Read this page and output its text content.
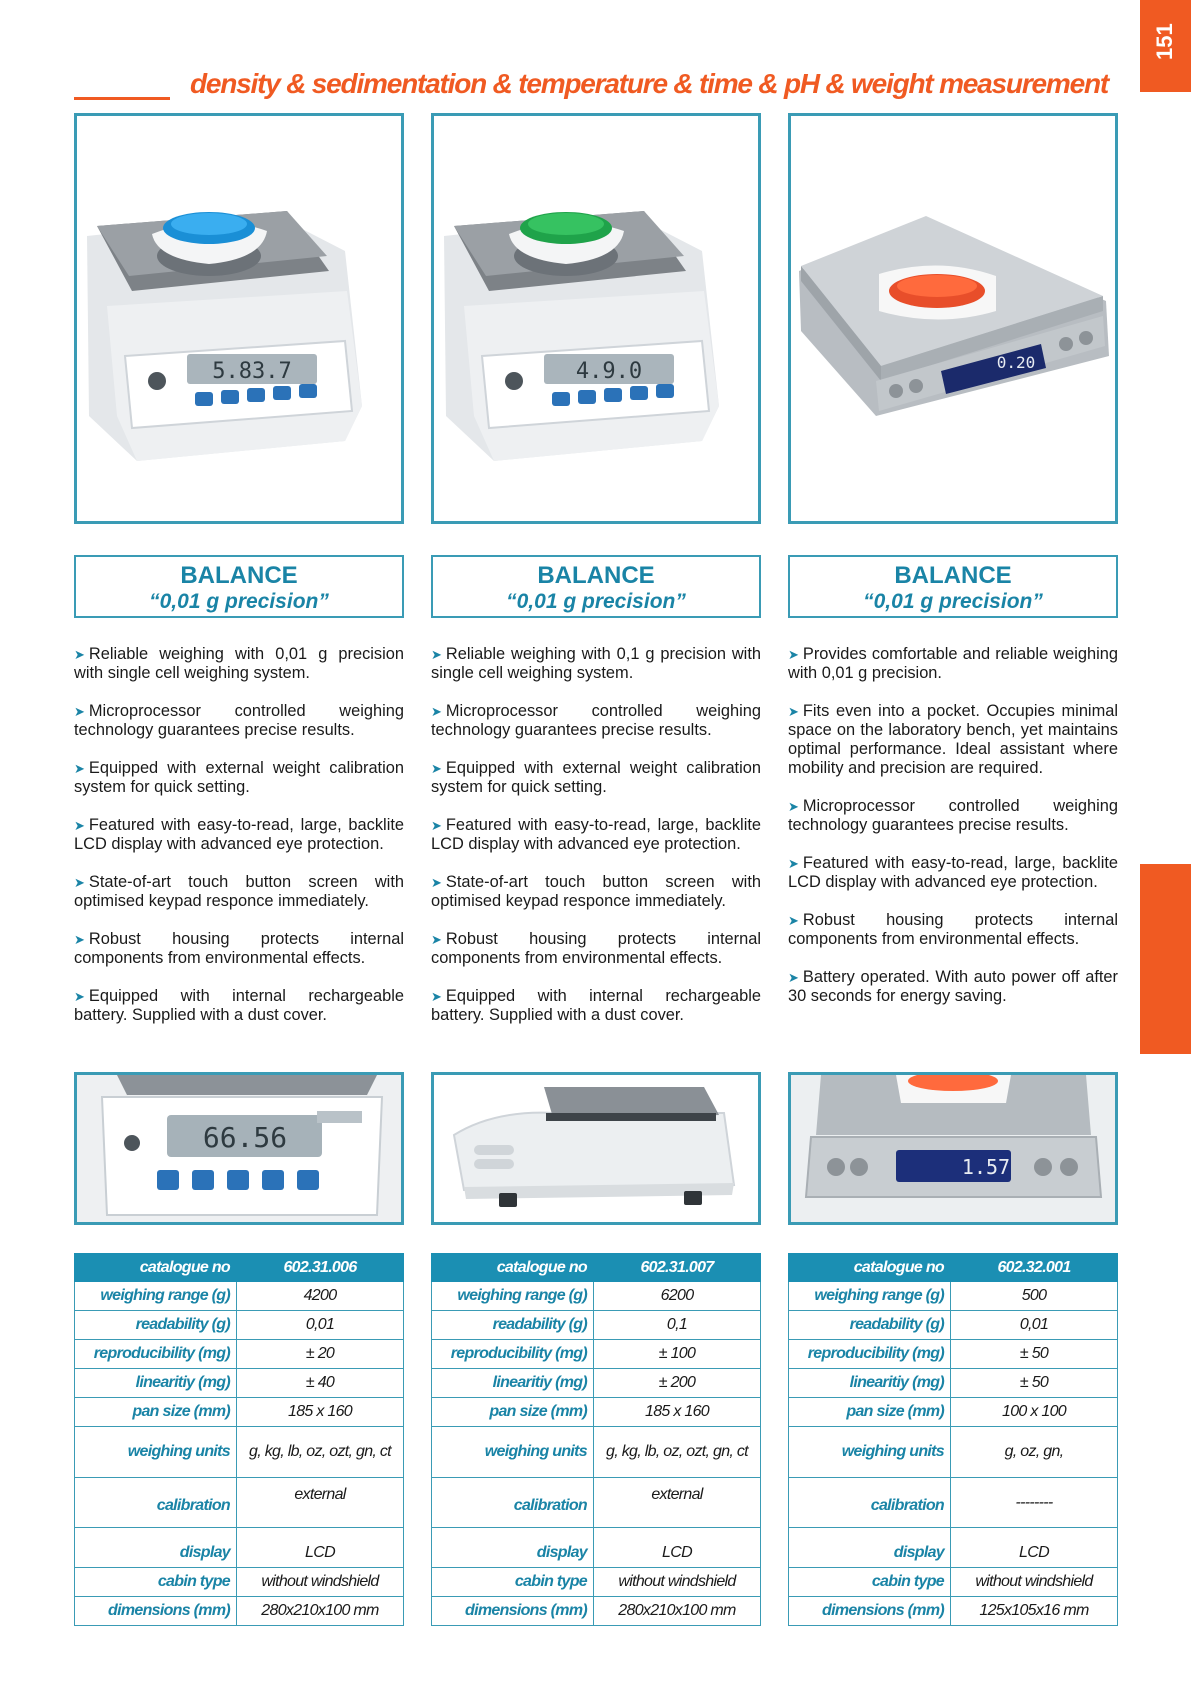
density & sedimentation & temperature & time & pH & weight measurement
151
5.83.7
BALANCE
“0,01 g precision”
➤ Reliable weighing with 0,01 g precision with single cell weighing system.
➤ Microprocessor controlled weighing technology guarantees precise results.
➤ Equipped with external weight calibration system for quick setting.
➤ Featured with easy-to-read, large, backlite LCD display with advanced eye protection.
➤ State-of-art touch button screen with optimised keypad responce immediately.
➤ Robust housing protects internal components from environmental effects.
➤ Equipped with internal rechargeable battery. Supplied with a dust cover.
66.56
catalogue no	602.31.006
weighing range (g)	4200
readability (g)	0,01
reproducibility (mg)	± 20
linearitiy (mg)	± 40
pan size (mm)	185 x 160
weighing units	g, kg, lb, oz, ozt, gn, ct
calibration	external
display	LCD
cabin type	without windshield
dimensions (mm)	280x210x100 mm
4.9.0
BALANCE
“0,01 g precision”
➤ Reliable weighing with 0,1 g precision with single cell weighing system.
➤ Microprocessor controlled weighing technology guarantees precise results.
➤ Equipped with external weight calibration system for quick setting.
➤ Featured with easy-to-read, large, backlite LCD display with advanced eye protection.
➤ State-of-art touch button screen with optimised keypad responce immediately.
➤ Robust housing protects internal components from environmental effects.
➤ Equipped with internal rechargeable battery. Supplied with a dust cover.
catalogue no	602.31.007
weighing range (g)	6200
readability (g)	0,1
reproducibility (mg)	± 100
linearitiy (mg)	± 200
pan size (mm)	185 x 160
weighing units	g, kg, lb, oz, ozt, gn, ct
calibration	external
display	LCD
cabin type	without windshield
dimensions (mm)	280x210x100 mm
0.20
BALANCE
“0,01 g precision”
➤ Provides comfortable and reliable weighing with 0,01 g precision.
➤ Fits even into a pocket. Occupies minimal space on the laboratory bench, yet maintains optimal performance. Ideal assistant where mobility and precision are required.
➤ Microprocessor controlled weighing technology guarantees precise results.
➤ Featured with easy-to-read, large, backlite LCD display with advanced eye protection.
➤ Robust housing protects internal components from environmental effects.
➤ Battery operated. With auto power off after 30 seconds for energy saving.
1.57
catalogue no	602.32.001
weighing range (g)	500
readability (g)	0,01
reproducibility (mg)	± 50
linearitiy (mg)	± 50
pan size (mm)	100 x 100
weighing units	g, oz, gn,
calibration	--------
display	LCD
cabin type	without windshield
dimensions (mm)	125x105x16 mm
